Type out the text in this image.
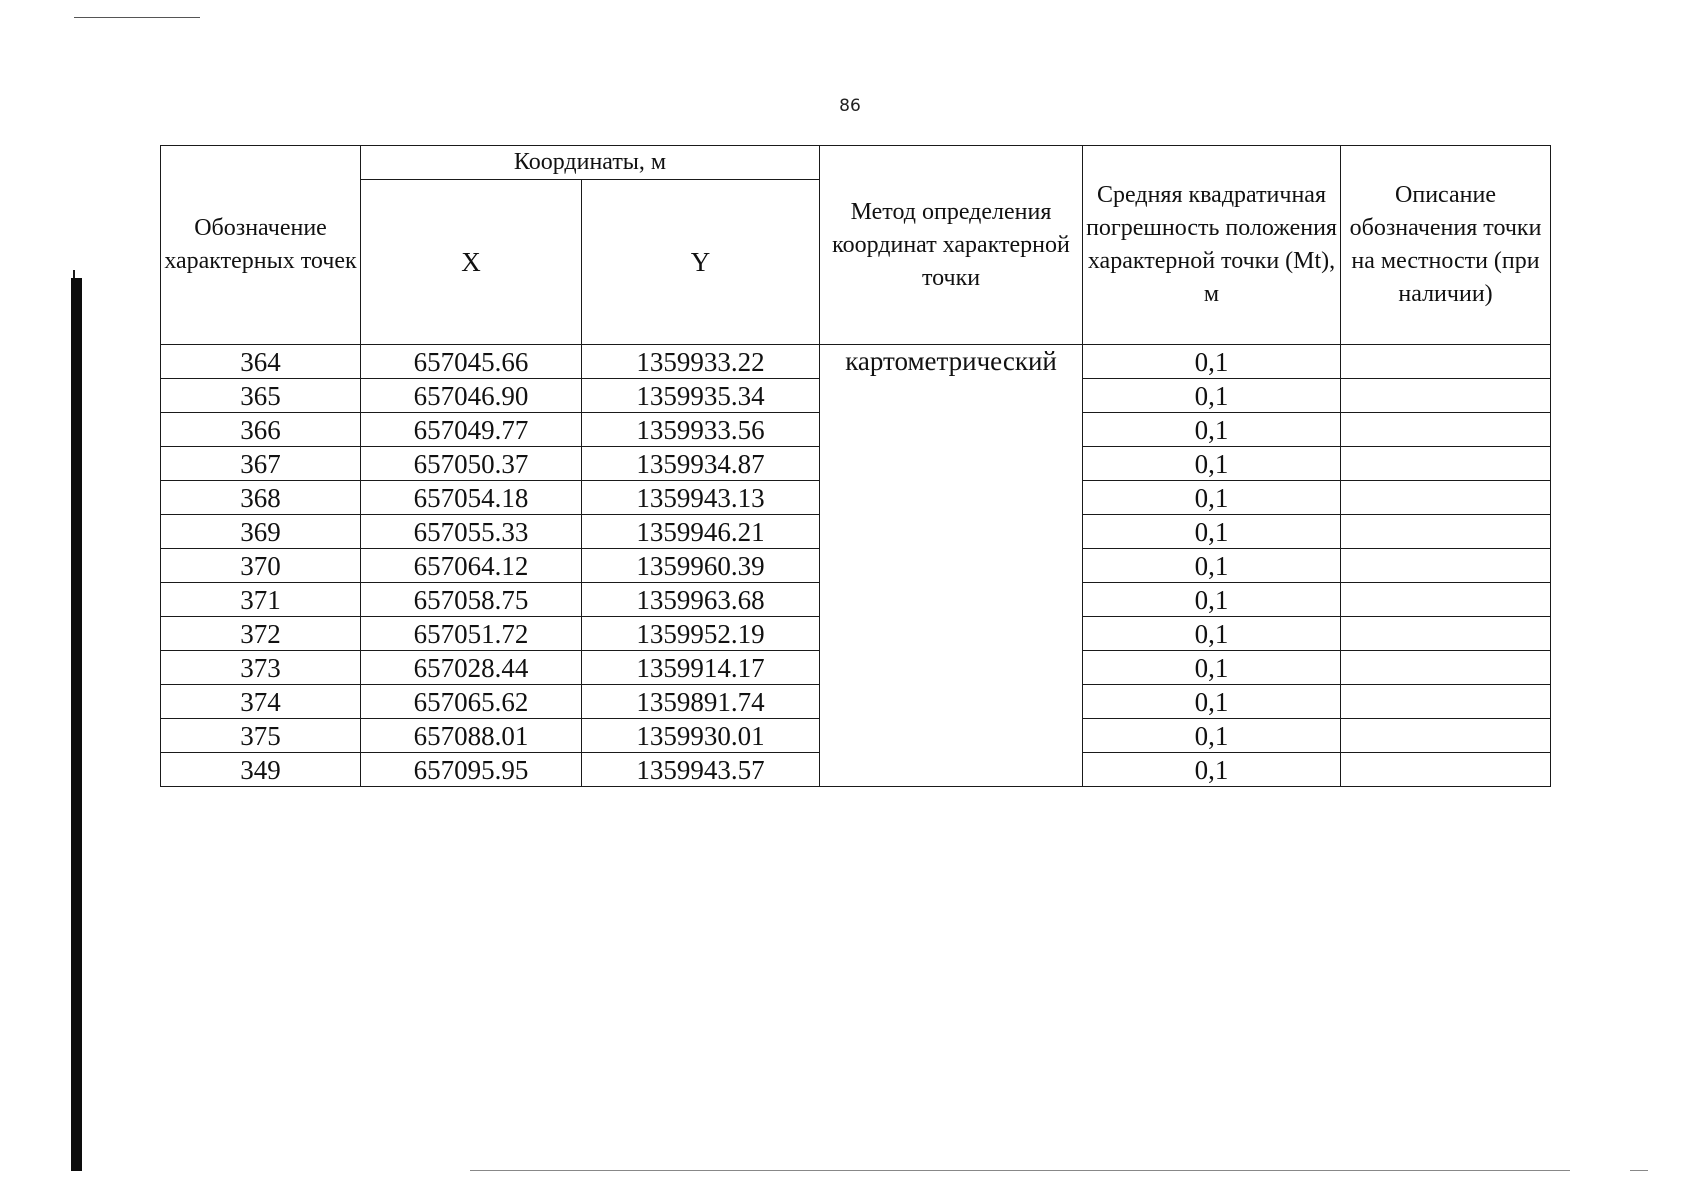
86
Обозначение характерных точек	Координаты, м		Метод определения координат характерной точки	Средняя квадратичная погрешность положения характерной точки (Mt), м	Описание обозначения точки на местности (при наличии)
	X	Y			
364	657045.66	1359933.22	картометрический	0,1	
365	657046.90	1359935.34		0,1	
366	657049.77	1359933.56		0,1	
367	657050.37	1359934.87		0,1	
368	657054.18	1359943.13		0,1	
369	657055.33	1359946.21		0,1	
370	657064.12	1359960.39		0,1	
371	657058.75	1359963.68		0,1	
372	657051.72	1359952.19		0,1	
373	657028.44	1359914.17		0,1	
374	657065.62	1359891.74		0,1	
375	657088.01	1359930.01		0,1	
349	657095.95	1359943.57		0,1	
